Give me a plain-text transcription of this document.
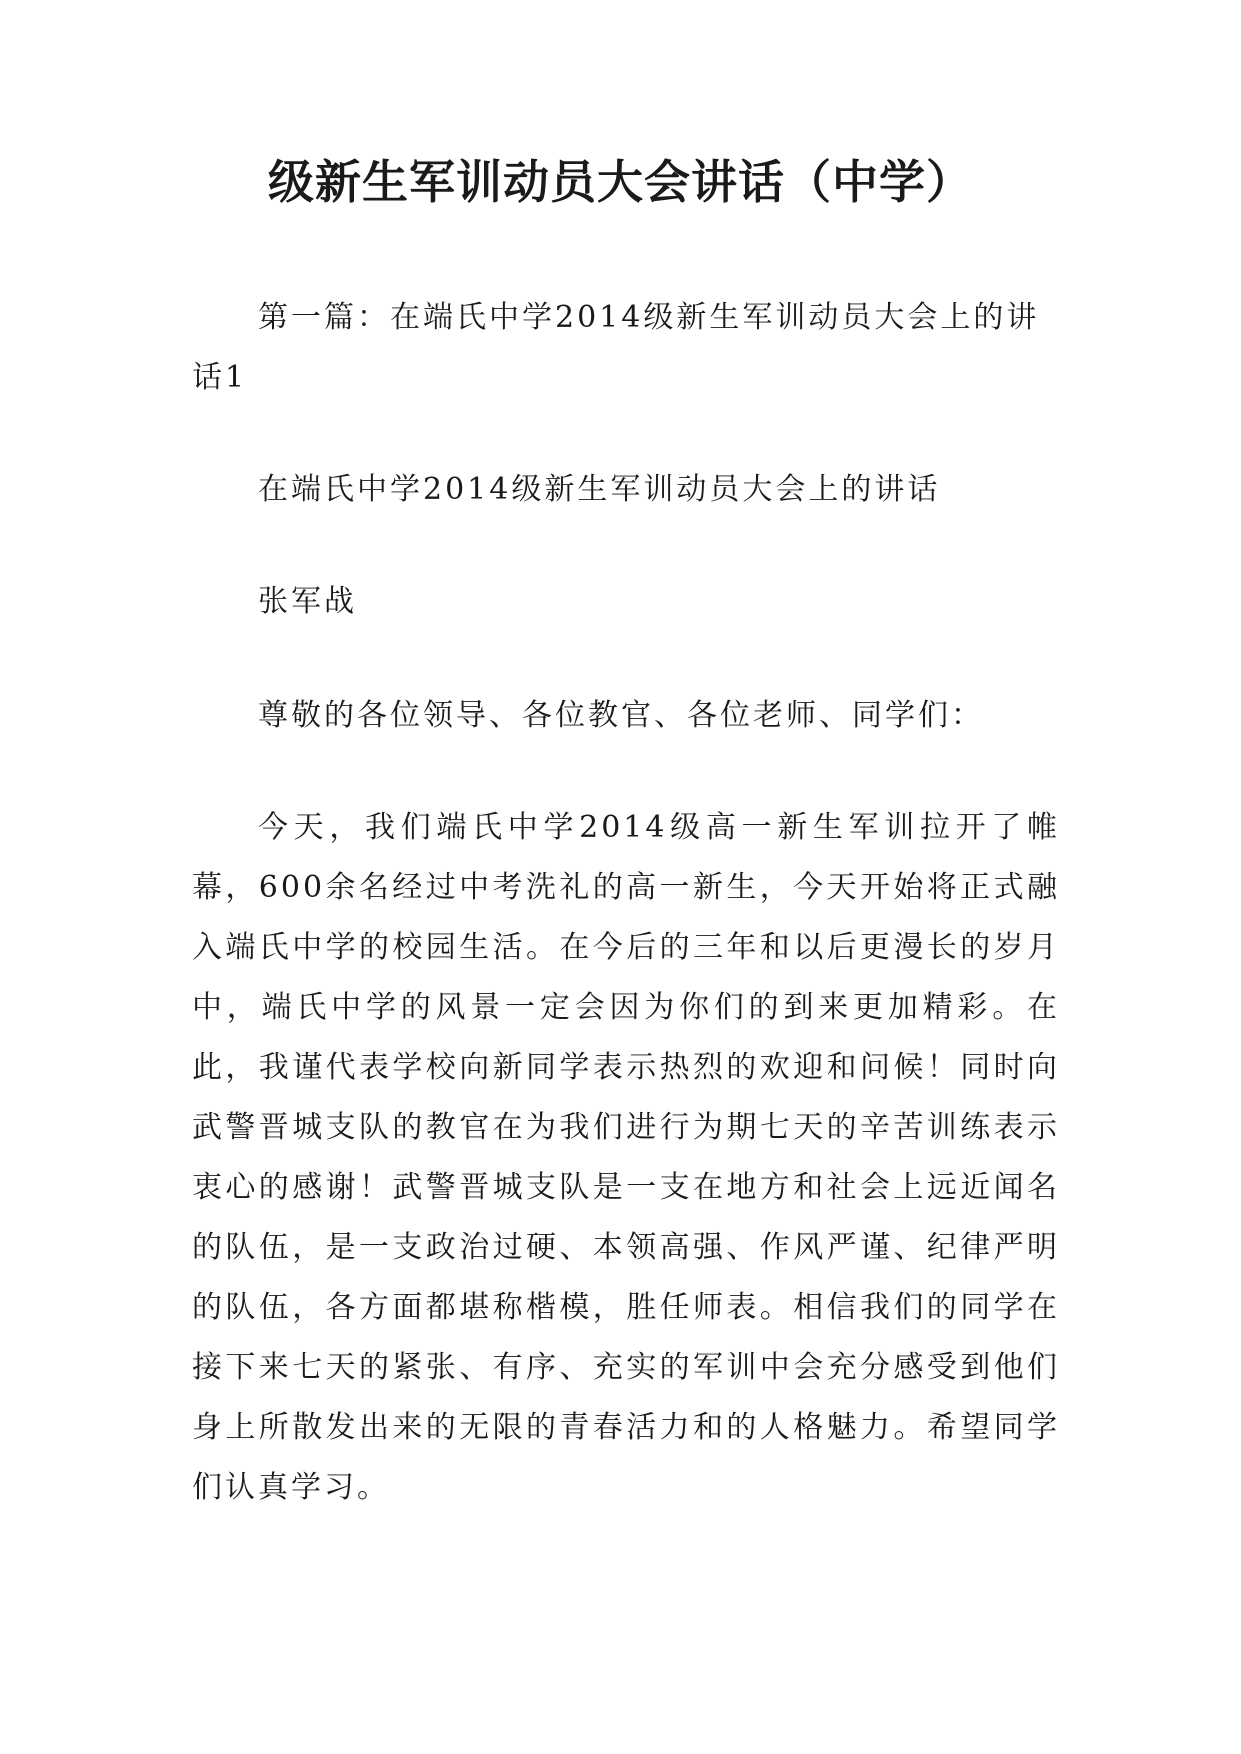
级新生军训动员大会讲话（中学）

第一篇：在端氏中学2014级新生军训动员大会上的讲话1

在端氏中学2014级新生军训动员大会上的讲话

张军战

尊敬的各位领导、各位教官、各位老师、同学们：

今天，我们端氏中学2014级高一新生军训拉开了帷幕，600余名经过中考洗礼的高一新生，今天开始将正式融入端氏中学的校园生活。在今后的三年和以后更漫长的岁月中，端氏中学的风景一定会因为你们的到来更加精彩。在此，我谨代表学校向新同学表示热烈的欢迎和问候！同时向武警晋城支队的教官在为我们进行为期七天的辛苦训练表示衷心的感谢！武警晋城支队是一支在地方和社会上远近闻名的队伍，是一支政治过硬、本领高强、作风严谨、纪律严明的队伍，各方面都堪称楷模，胜任师表。相信我们的同学在接下来七天的紧张、有序、充实的军训中会充分感受到他们身上所散发出来的无限的青春活力和的人格魅力。希望同学们认真学习。
